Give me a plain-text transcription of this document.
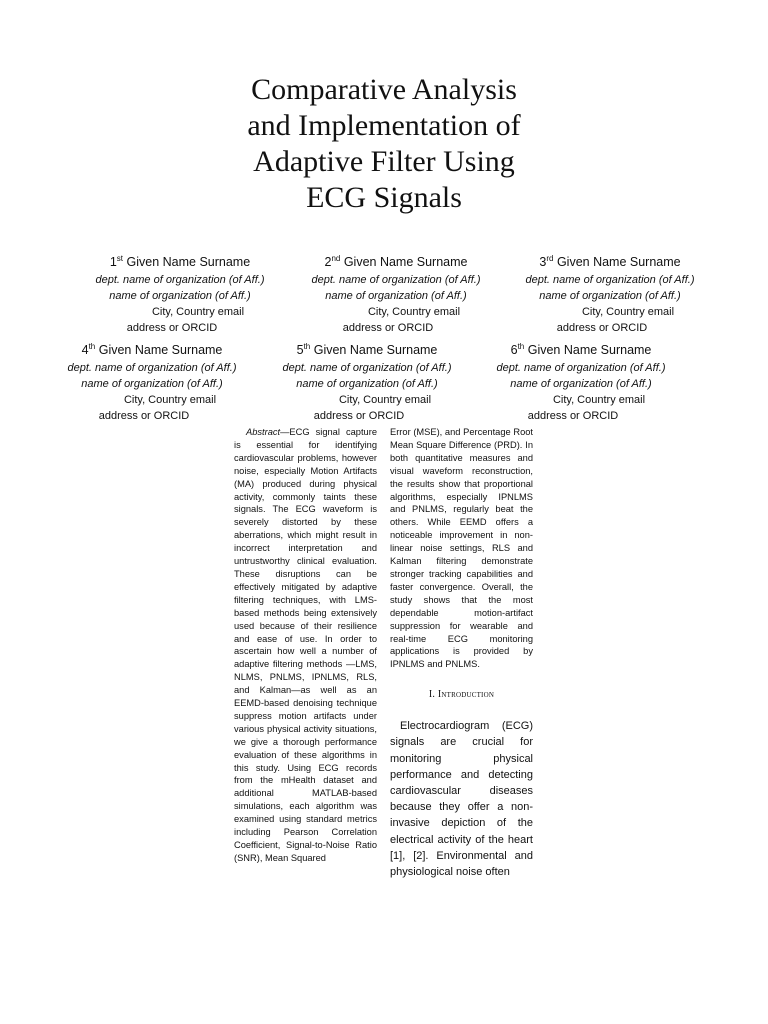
Comparative Analysis
and Implementation of
Adaptive Filter Using
ECG Signals
1st Given Name Surname
dept. name of organization (of Aff.)
name of organization (of Aff.)
City, Country email
address or ORCID
2nd Given Name Surname
dept. name of organization (of Aff.)
name of organization (of Aff.)
City, Country email
address or ORCID
3rd Given Name Surname
dept. name of organization (of Aff.)
name of organization (of Aff.)
City, Country email
address or ORCID
4th Given Name Surname
dept. name of organization (of Aff.)
name of organization (of Aff.)
City, Country email
address or ORCID
5th Given Name Surname
dept. name of organization (of Aff.)
name of organization (of Aff.)
City, Country email
address or ORCID
6th Given Name Surname
dept. name of organization (of Aff.)
name of organization (of Aff.)
City, Country email
address or ORCID
Abstract—ECG signal capture is essential for identifying cardiovascular problems, however noise, especially Motion Artifacts (MA) produced during physical activity, commonly taints these signals. The ECG waveform is severely distorted by these aberrations, which might result in incorrect interpretation and untrustworthy clinical evaluation. These disruptions can be effectively mitigated by adaptive filtering techniques, with LMS-based methods being extensively used because of their resilience and ease of use. In order to ascertain how well a number of adaptive filtering methods —LMS, NLMS, PNLMS, IPNLMS, RLS, and Kalman—as well as an EEMD-based denoising technique suppress motion artifacts under various physical activity situations, we give a thorough performance evaluation of these algorithms in this study. Using ECG records from the mHealth dataset and additional MATLAB-based simulations, each algorithm was examined using standard metrics including Pearson Correlation Coefficient, Signal-to-Noise Ratio (SNR), Mean Squared

Error (MSE), and Percentage Root Mean Square Difference (PRD). In both quantitative measures and visual waveform reconstruction, the results show that proportional algorithms, especially IPNLMS and PNLMS, regularly beat the others. While EEMD offers a noticeable improvement in non-linear noise settings, RLS and Kalman filtering demonstrate stronger tracking capabilities and faster convergence. Overall, the study shows that the most dependable motion-artifact suppression for wearable and real-time ECG monitoring applications is provided by IPNLMS and PNLMS.

I. Introduction

Electrocardiogram (ECG) signals are crucial for monitoring physical performance and detecting cardiovascular diseases because they offer a non-invasive depiction of the electrical activity of the heart [1], [2]. Environmental and physiological noise often
